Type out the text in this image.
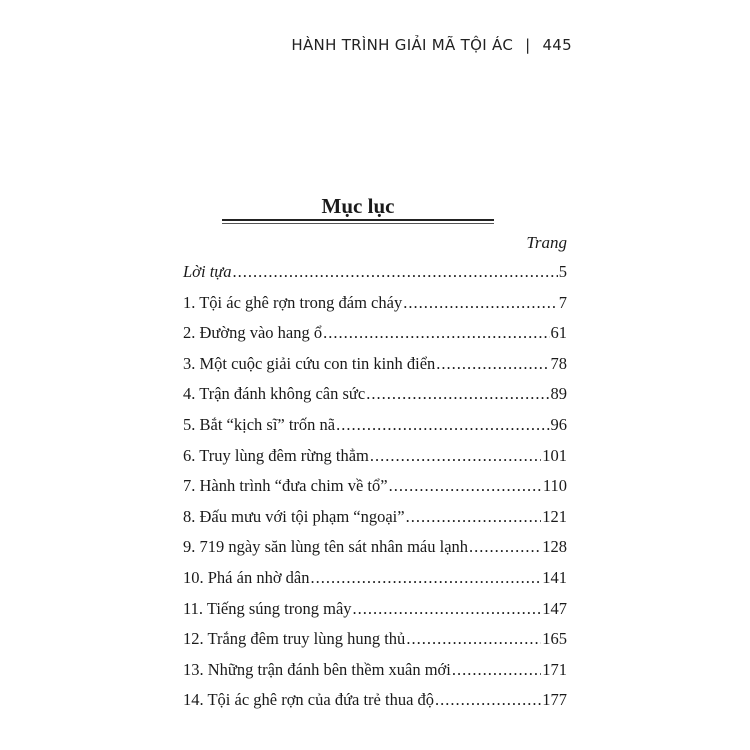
HÀNH TRÌNH GIẢI MÃ TỘI ÁC | 445
Mục lục
Trang
Lời tựa .....	5
1. Tội ác ghê rợn trong đám cháy .....	7
2. Đường vào hang ổ .....	61
3. Một cuộc giải cứu con tin kinh điển .....	78
4. Trận đánh không cân sức .....	89
5. Bắt “kịch sĩ” trốn nã .....	96
6. Truy lùng đêm rừng thẳm .....	101
7. Hành trình “đưa chim về tổ” .....	110
8. Đấu mưu với tội phạm “ngoại” .....	121
9. 719 ngày săn lùng tên sát nhân máu lạnh .....	128
10. Phá án nhờ dân .....	141
11. Tiếng súng trong mây .....	147
12. Trắng đêm truy lùng hung thủ .....	165
13. Những trận đánh bên thềm xuân mới .....	171
14. Tội ác ghê rợn của đứa trẻ thua độ .....	177
